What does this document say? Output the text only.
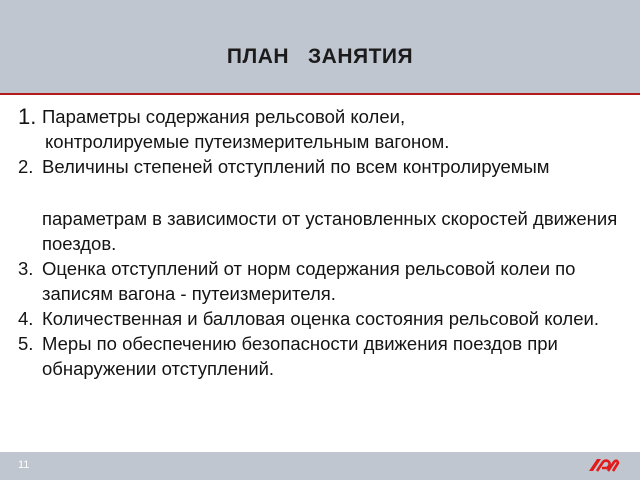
ПЛАН   ЗАНЯТИЯ
1. Параметры содержания рельсовой колеи,
контролируемые путеизмерительным вагоном.
2. Величины степеней отступлений по всем контролируемым
параметрам в зависимости от установленных скоростей движения поездов.
3. Оценка отступлений от норм содержания рельсовой колеи по записям вагона - путеизмерителя.
4. Количественная и балловая оценка состояния рельсовой колеи.
5. Меры по обеспечению безопасности движения поездов при обнаружении отступлений.
11
